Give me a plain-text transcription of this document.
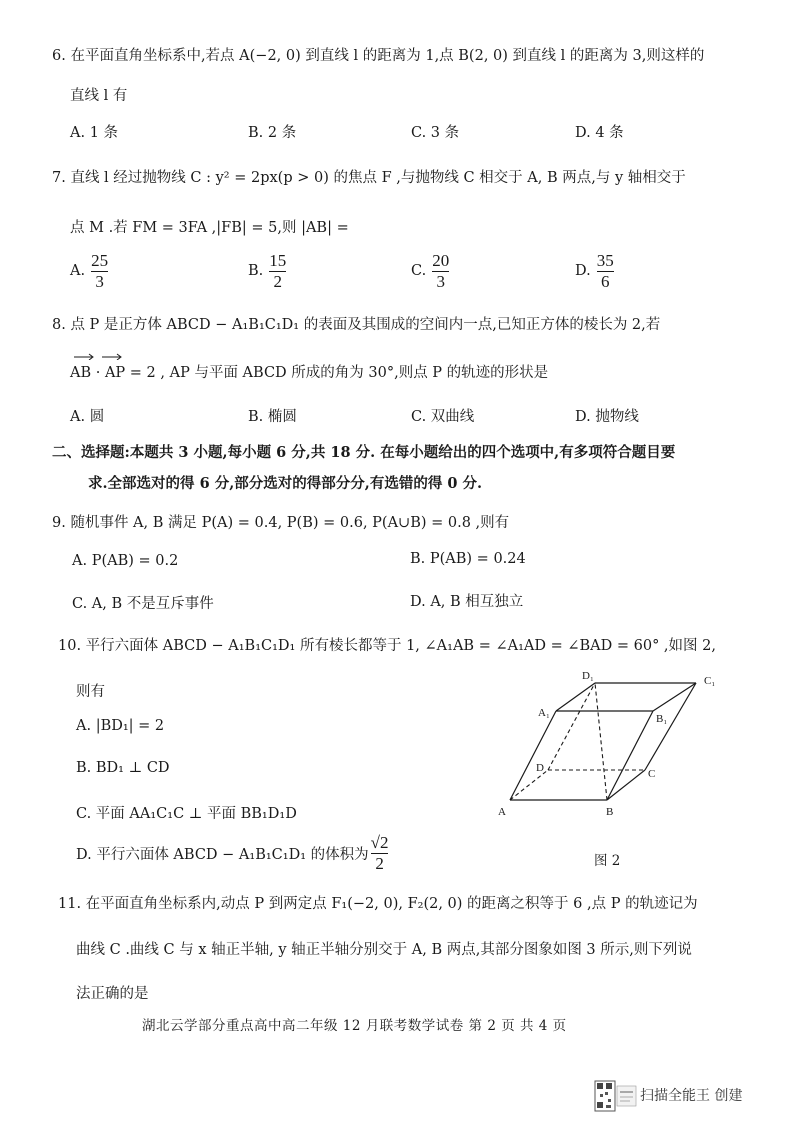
6. 在平面直角坐标系中,若点 A(−2, 0) 到直线 l 的距离为 1,点 B(2, 0) 到直线 l 的距离为 3,则这样的
直线 l 有
A. 1 条	B. 2 条	C. 3 条	D. 4 条
7. 直线 l 经过抛物线 C : y² = 2px(p > 0) 的焦点 F ,与抛物线 C 相交于 A, B 两点,与 y 轴相交于
点 M .若 FM = 3FA ,|FB| = 5,则 |AB| =
A. $\frac{25}{3}$	B. $\frac{15}{2}$	C. $\frac{20}{3}$	D. $\frac{35}{6}$
8. 点 P 是正方体 ABCD − A₁B₁C₁D₁ 的表面及其围成的空间内一点,已知正方体的棱长为 2,若
AB · AP = 2 , AP 与平面 ABCD 所成的角为 30°,则点 P 的轨迹的形状是
A. 圆	B. 椭圆	C. 双曲线	D. 抛物线
二、选择题:本题共 3 小题,每小题 6 分,共 18 分. 在每小题给出的四个选项中,有多项符合题目要
求.全部选对的得 6 分,部分选对的得部分分,有选错的得 0 分.
9. 随机事件 A, B 满足 P(A) = 0.4, P(B) = 0.6, P(A∪B) = 0.8 ,则有
A. P(AB) = 0.2	B. P(AB) = 0.24
C. A, B 不是互斥事件	D. A, B 相互独立
10. 平行六面体 ABCD − A₁B₁C₁D₁ 所有棱长都等于 1, ∠A₁AB = ∠A₁AD = ∠BAD = 60° ,如图 2,
则有
A. |BD₁| = 2
B. BD₁ ⊥ CD
C. 平面 AA₁C₁C ⊥ 平面 BB₁D₁D
D. 平行六面体 ABCD − A₁B₁C₁D₁ 的体积为 $\frac{√2}{2}$
A	B
C
D
A₁	B₁
C₁
D₁
图 2
11. 在平面直角坐标系内,动点 P 到两定点 F₁(−2, 0), F₂(2, 0) 的距离之积等于 6 ,点 P 的轨迹记为
曲线 C .曲线 C 与 x 轴正半轴, y 轴正半轴分别交于 A, B 两点,其部分图象如图 3 所示,则下列说
法正确的是
湖北云学部分重点高中高二年级 12 月联考数学试卷 第 2 页 共 4 页
扫描全能王 创建
